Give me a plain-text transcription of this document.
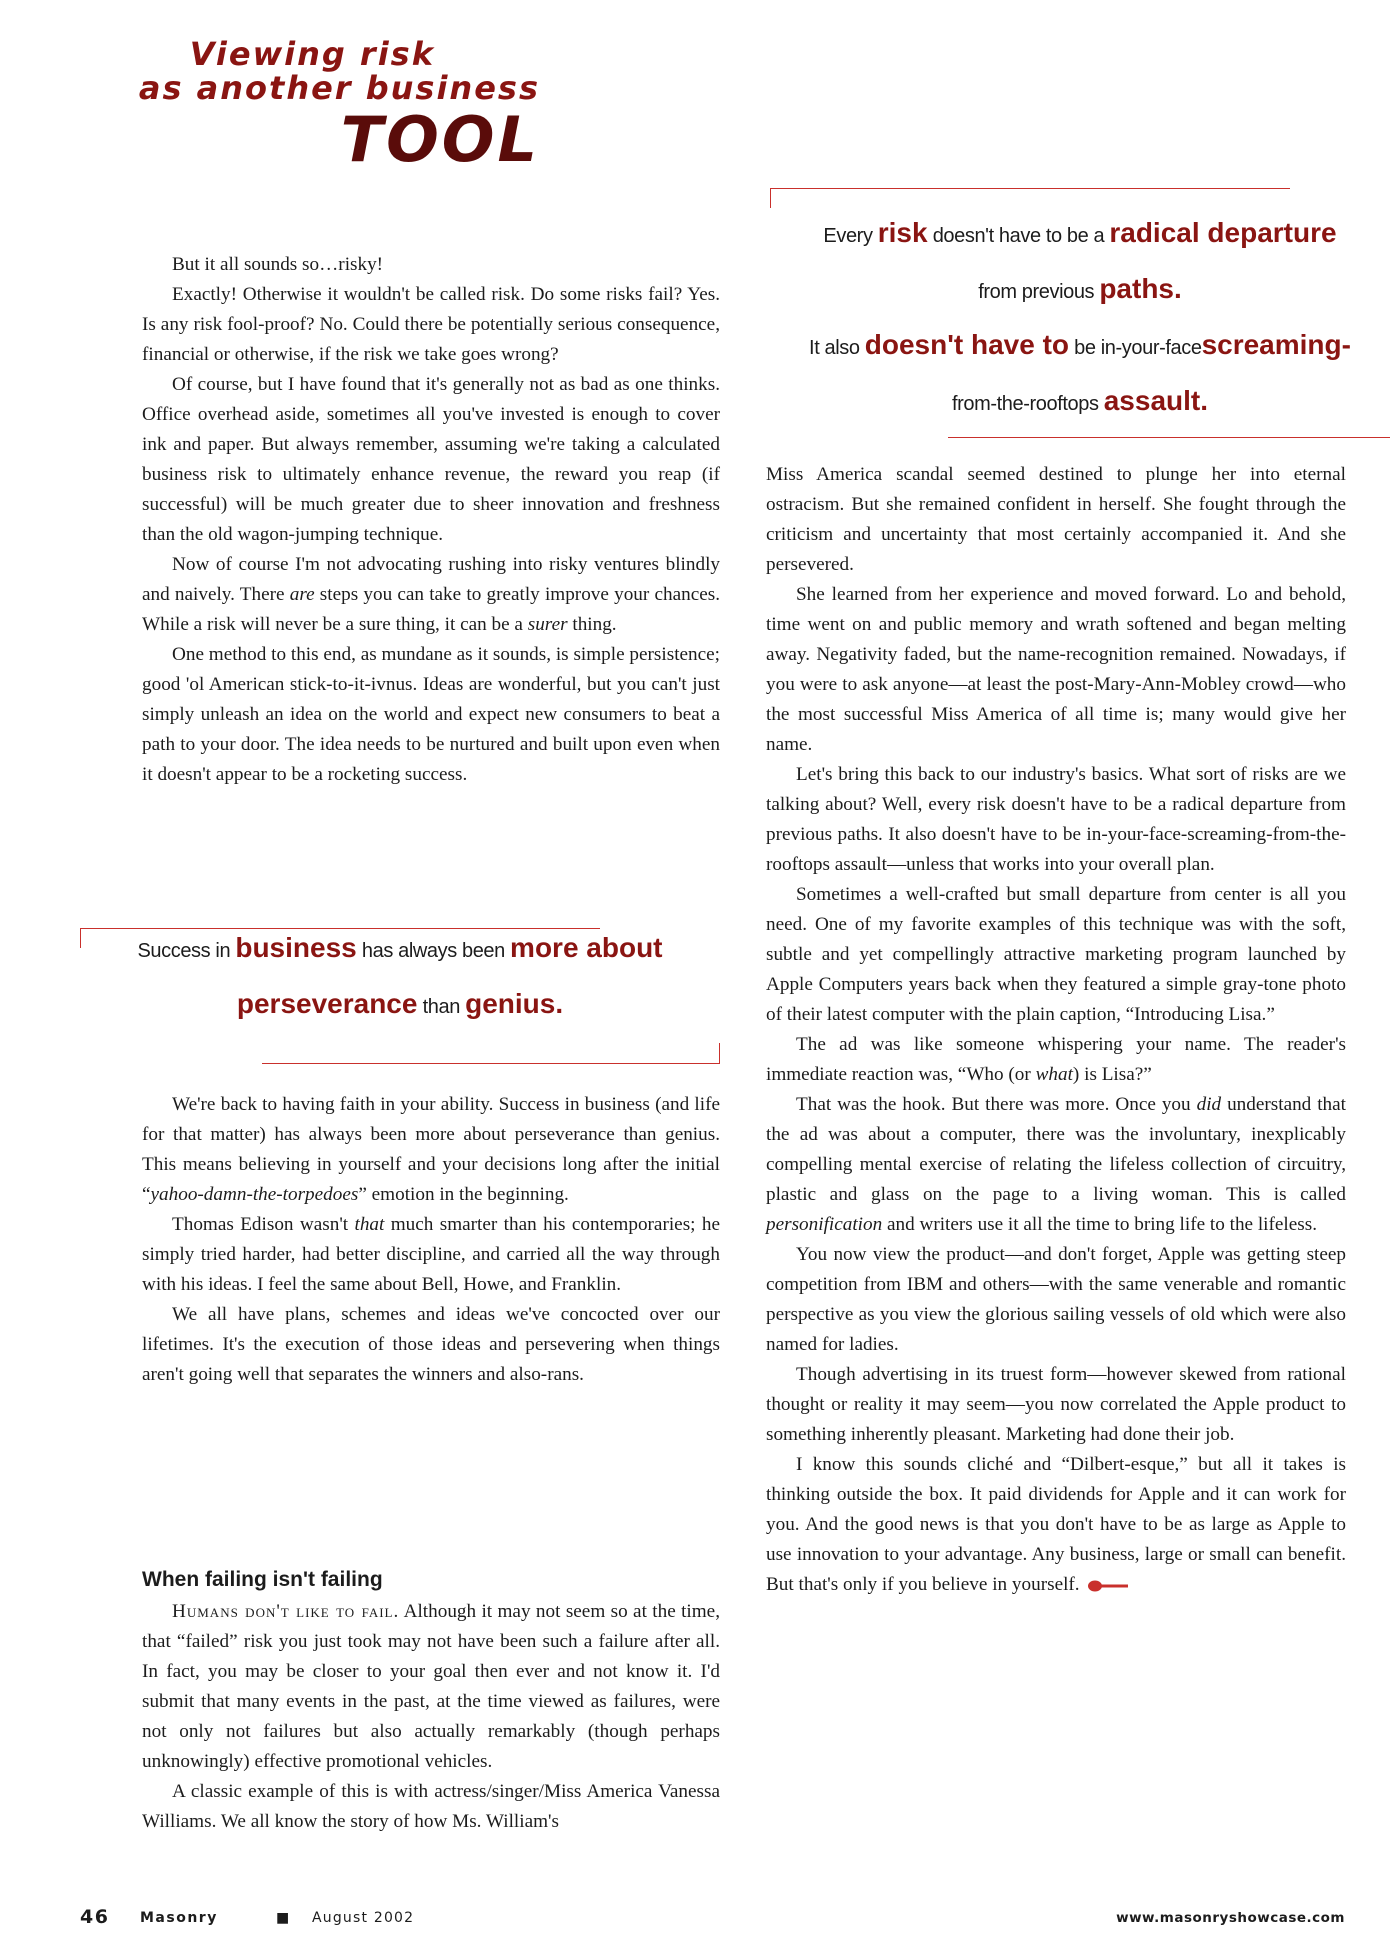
Viewing risk
as another business
TOOL

But it all sounds so…risky!

Exactly! Otherwise it wouldn't be called risk. Do some risks fail? Yes. Is any risk fool-proof? No. Could there be potentially serious consequence, financial or otherwise, if the risk we take goes wrong?

Of course, but I have found that it's generally not as bad as one thinks. Office overhead aside, sometimes all you've invested is enough to cover ink and paper. But always remember, assuming we're taking a calculated business risk to ultimately enhance revenue, the reward you reap (if successful) will be much greater due to sheer innovation and freshness than the old wagon-jumping technique.

Now of course I'm not advocating rushing into risky ventures blindly and naively. There are steps you can take to greatly improve your chances. While a risk will never be a sure thing, it can be a surer thing.

One method to this end, as mundane as it sounds, is simple persistence; good 'ol American stick-to-it-ivnus. Ideas are wonderful, but you can't just simply unleash an idea on the world and expect new consumers to beat a path to your door. The idea needs to be nurtured and built upon even when it doesn't appear to be a rocketing success.

Success in business has always been more about
perseverance than genius.

We're back to having faith in your ability. Success in business (and life for that matter) has always been more about perseverance than genius. This means believing in yourself and your decisions long after the initial “yahoo-damn-the-torpedoes” emotion in the beginning.

Thomas Edison wasn't that much smarter than his contemporaries; he simply tried harder, had better discipline, and carried all the way through with his ideas. I feel the same about Bell, Howe, and Franklin.

We all have plans, schemes and ideas we've concocted over our lifetimes. It's the execution of those ideas and persevering when things aren't going well that separates the winners and also-rans.

When failing isn't failing

Humans don't like to fail. Although it may not seem so at the time, that “failed” risk you just took may not have been such a failure after all. In fact, you may be closer to your goal then ever and not know it. I'd submit that many events in the past, at the time viewed as failures, were not only not failures but also actually remarkably (though perhaps unknowingly) effective promotional vehicles.

A classic example of this is with actress/singer/Miss America Vanessa Williams. We all know the story of how Ms. William's

Every risk doesn't have to be a radical departure
from previous paths.
It also doesn't have to be in-your-facescreaming-
from-the-rooftops assault.

Miss America scandal seemed destined to plunge her into eternal ostracism. But she remained confident in herself. She fought through the criticism and uncertainty that most certainly accompanied it. And she persevered.

She learned from her experience and moved forward. Lo and behold, time went on and public memory and wrath softened and began melting away. Negativity faded, but the name-recognition remained. Nowadays, if you were to ask anyone—at least the post-Mary-Ann-Mobley crowd—who the most successful Miss America of all time is; many would give her name.

Let's bring this back to our industry's basics. What sort of risks are we talking about? Well, every risk doesn't have to be a radical departure from previous paths. It also doesn't have to be in-your-face-screaming-from-the-rooftops assault—unless that works into your overall plan.

Sometimes a well-crafted but small departure from center is all you need. One of my favorite examples of this technique was with the soft, subtle and yet compellingly attractive marketing program launched by Apple Computers years back when they featured a simple gray-tone photo of their latest computer with the plain caption, “Introducing Lisa.”

The ad was like someone whispering your name. The reader's immediate reaction was, “Who (or what) is Lisa?”

That was the hook. But there was more. Once you did understand that the ad was about a computer, there was the involuntary, inexplicably compelling mental exercise of relating the lifeless collection of circuitry, plastic and glass on the page to a living woman. This is called personification and writers use it all the time to bring life to the lifeless.

You now view the product—and don't forget, Apple was getting steep competition from IBM and others—with the same venerable and romantic perspective as you view the glorious sailing vessels of old which were also named for ladies.

Though advertising in its truest form—however skewed from rational thought or reality it may seem—you now correlated the Apple product to something inherently pleasant. Marketing had done their job.

I know this sounds cliché and “Dilbert-esque,” but all it takes is thinking outside the box. It paid dividends for Apple and it can work for you. And the good news is that you don't have to be as large as Apple to use innovation to your advantage. Any business, large or small can benefit. But that's only if you believe in yourself.

46 Masonry	■ August 2002	www.masonryshowcase.com
